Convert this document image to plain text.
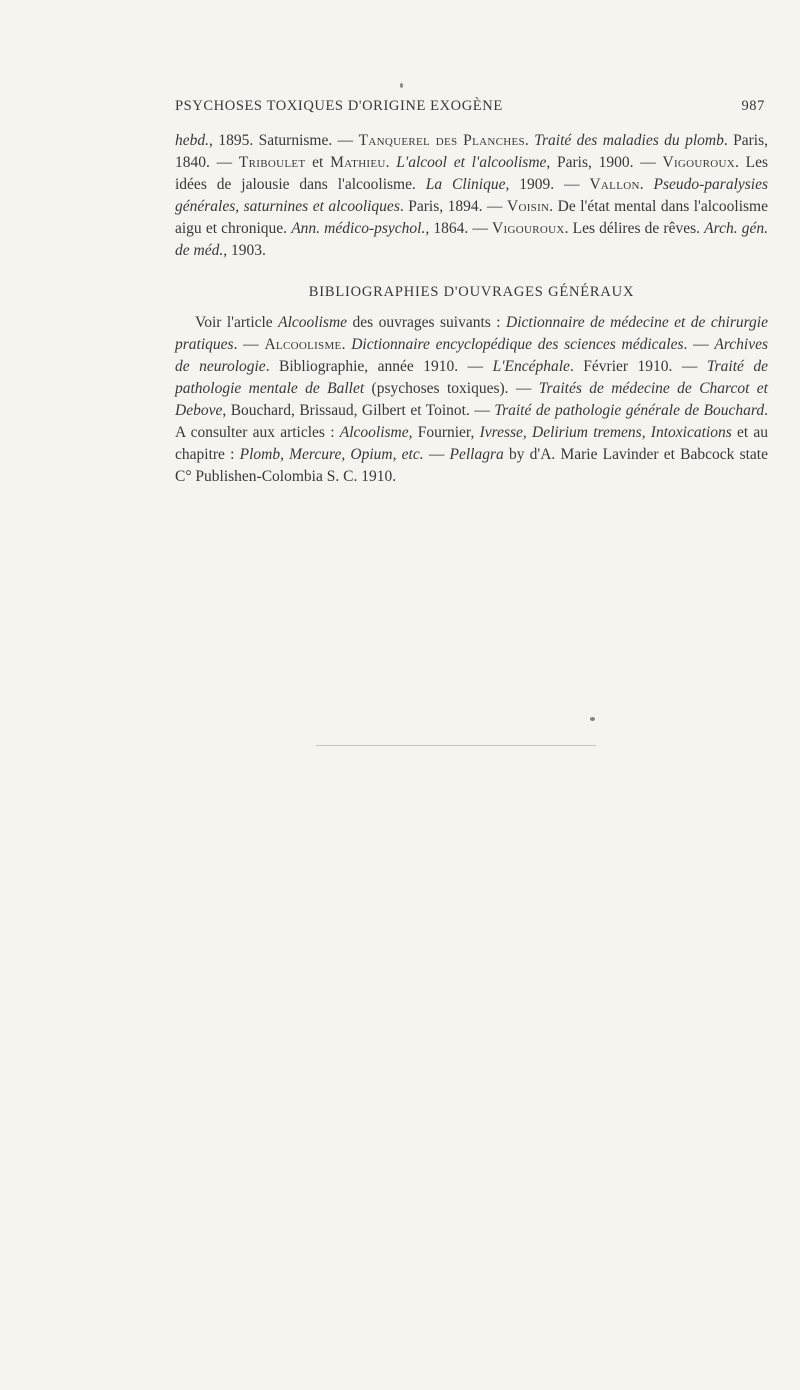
PSYCHOSES TOXIQUES D'ORIGINE EXOGÈNE	987

hebd., 1895. Saturnisme. — Tanquerel des Planches. Traité des maladies du plomb. Paris, 1840. — Tribouleт et Mathieu. L'alcool et l'alcoolisme, Paris, 1900. — Vigouroux. Les idées de jalousie dans l'alcoolisme. La Clinique, 1909. — Vallon. Pseudo-paralysies générales, saturnines et alcooliques. Paris, 1894. — Voisin. De l'état mental dans l'alcoolisme aigu et chronique. Ann. médico-psychol., 1864. — Vigouroux. Les délires de rêves. Arch. gén. de méd., 1903.

BIBLIOGRAPHIES D'OUVRAGES GÉNÉRAUX

Voir l'article Alcoolisme des ouvrages suivants : Dictionnaire de médecine et de chirurgie pratiques. — Alcoolisme. Dictionnaire encyclopédique des sciences médicales. — Archives de neurologie. Bibliographie, année 1910. — L'Encéphale. Février 1910. — Traité de pathologie mentale de Ballet (psychoses toxiques). — Traités de médecine de Charcot et Debove, Bouchard, Brissaud, Gilbert et Toinot. — Traité de pathologie générale de Bouchard. A consulter aux articles : Alcoolisme, Fournier, Ivresse, Delirium tremens, Intoxications et au chapitre : Plomb, Mercure, Opium, etc. — Pellagra by d'A. Marie Lavinder et Babcock state C° Publishen-Colombia S. C. 1910.
